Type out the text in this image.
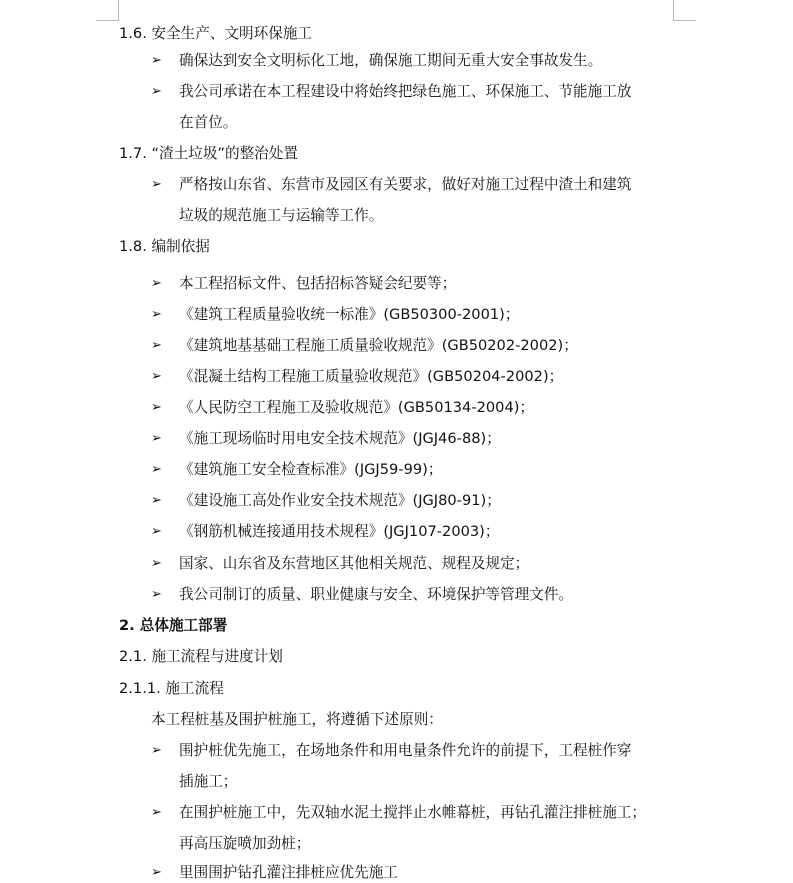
1.6. 安全生产、文明环保施工
➢ 确保达到安全文明标化工地，确保施工期间无重大安全事故发生。
➢ 我公司承诺在本工程建设中将始终把绿色施工、环保施工、节能施工放
在首位。
1.7. “渣土垃圾”的整治处置
➢ 严格按山东省、东营市及园区有关要求，做好对施工过程中渣土和建筑
垃圾的规范施工与运输等工作。
1.8. 编制依据
➢ 本工程招标文件、包括招标答疑会纪要等；
➢ 《建筑工程质量验收统一标准》(GB50300-2001)；
➢ 《建筑地基基础工程施工质量验收规范》(GB50202-2002)；
➢ 《混凝土结构工程施工质量验收规范》(GB50204-2002)；
➢ 《人民防空工程施工及验收规范》(GB50134-2004)；
➢ 《施工现场临时用电安全技术规范》(JGJ46-88)；
➢ 《建筑施工安全检查标准》(JGJ59-99)；
➢ 《建设施工高处作业安全技术规范》(JGJ80-91)；
➢ 《钢筋机械连接通用技术规程》(JGJ107-2003)；
➢ 国家、山东省及东营地区其他相关规范、规程及规定；
➢ 我公司制订的质量、职业健康与安全、环境保护等管理文件。
2. 总体施工部署
2.1. 施工流程与进度计划
2.1.1. 施工流程
本工程桩基及围护桩施工，将遵循下述原则：
➢ 围护桩优先施工，在场地条件和用电量条件允许的前提下，工程桩作穿
插施工；
➢ 在围护桩施工中，先双轴水泥土搅拌止水帷幕桩，再钻孔灌注排桩施工；
再高压旋喷加劲桩；
➢ 里围围护钻孔灌注排桩应优先施工
